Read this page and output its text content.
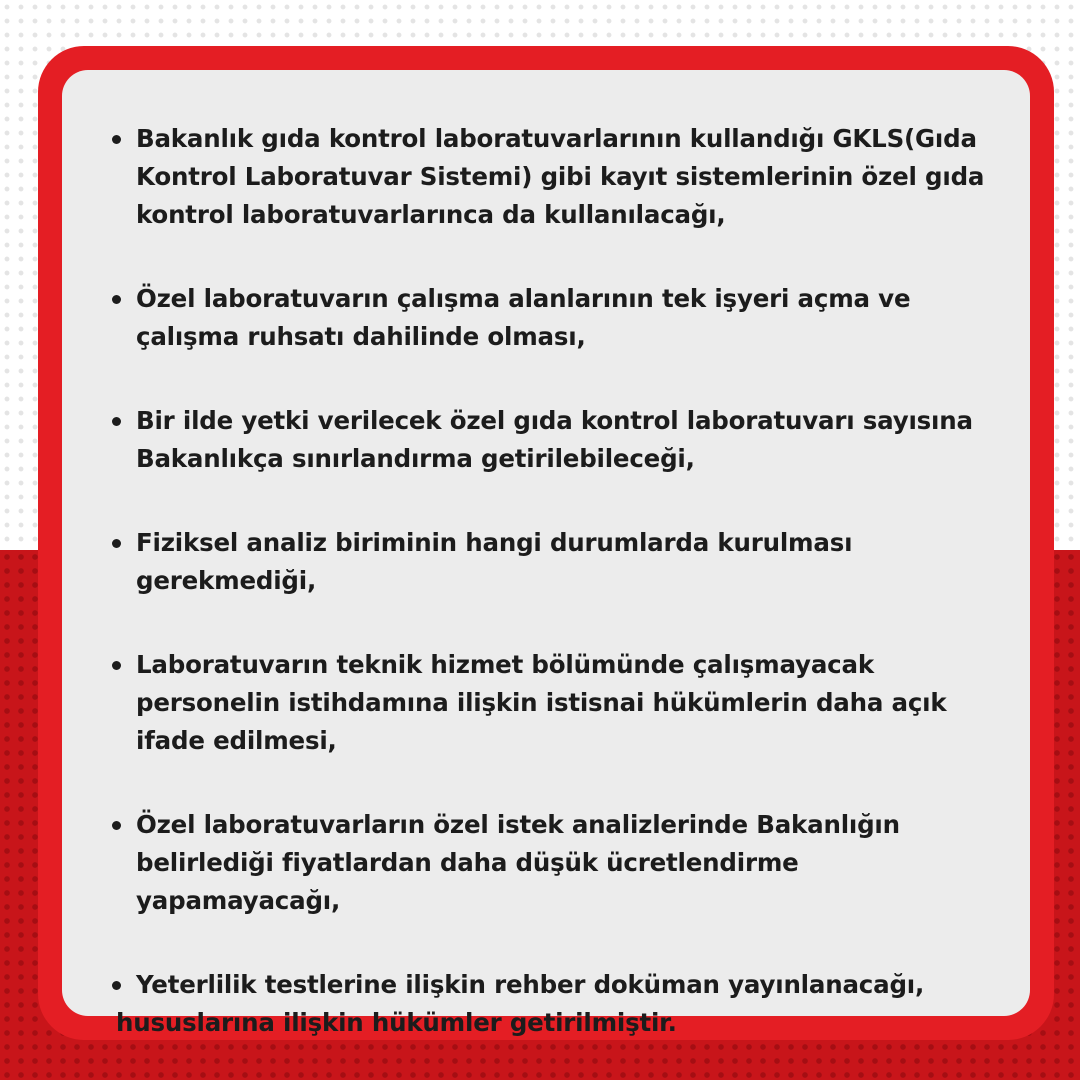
Bakanlık gıda kontrol laboratuvarlarının kullandığı GKLS(Gıda Kontrol Laboratuvar Sistemi) gibi kayıt sistemlerinin özel gıda kontrol laboratuvarlarınca da kullanılacağı,
Özel laboratuvarın çalışma alanlarının tek işyeri açma ve çalışma ruhsatı dahilinde olması,
Bir ilde yetki verilecek özel gıda kontrol laboratuvarı sayısına Bakanlıkça sınırlandırma getirilebileceği,
Fiziksel analiz biriminin hangi durumlarda kurulması gerekmediği,
Laboratuvarın teknik hizmet bölümünde çalışmayacak personelin istihdamına ilişkin istisnai hükümlerin daha açık ifade edilmesi,
Özel laboratuvarların özel istek analizlerinde Bakanlığın belirlediği fiyatlardan daha düşük ücretlendirme yapamayacağı,
Yeterlilik testlerine ilişkin rehber doküman yayınlanacağı,
hususlarına ilişkin hükümler getirilmiştir.
